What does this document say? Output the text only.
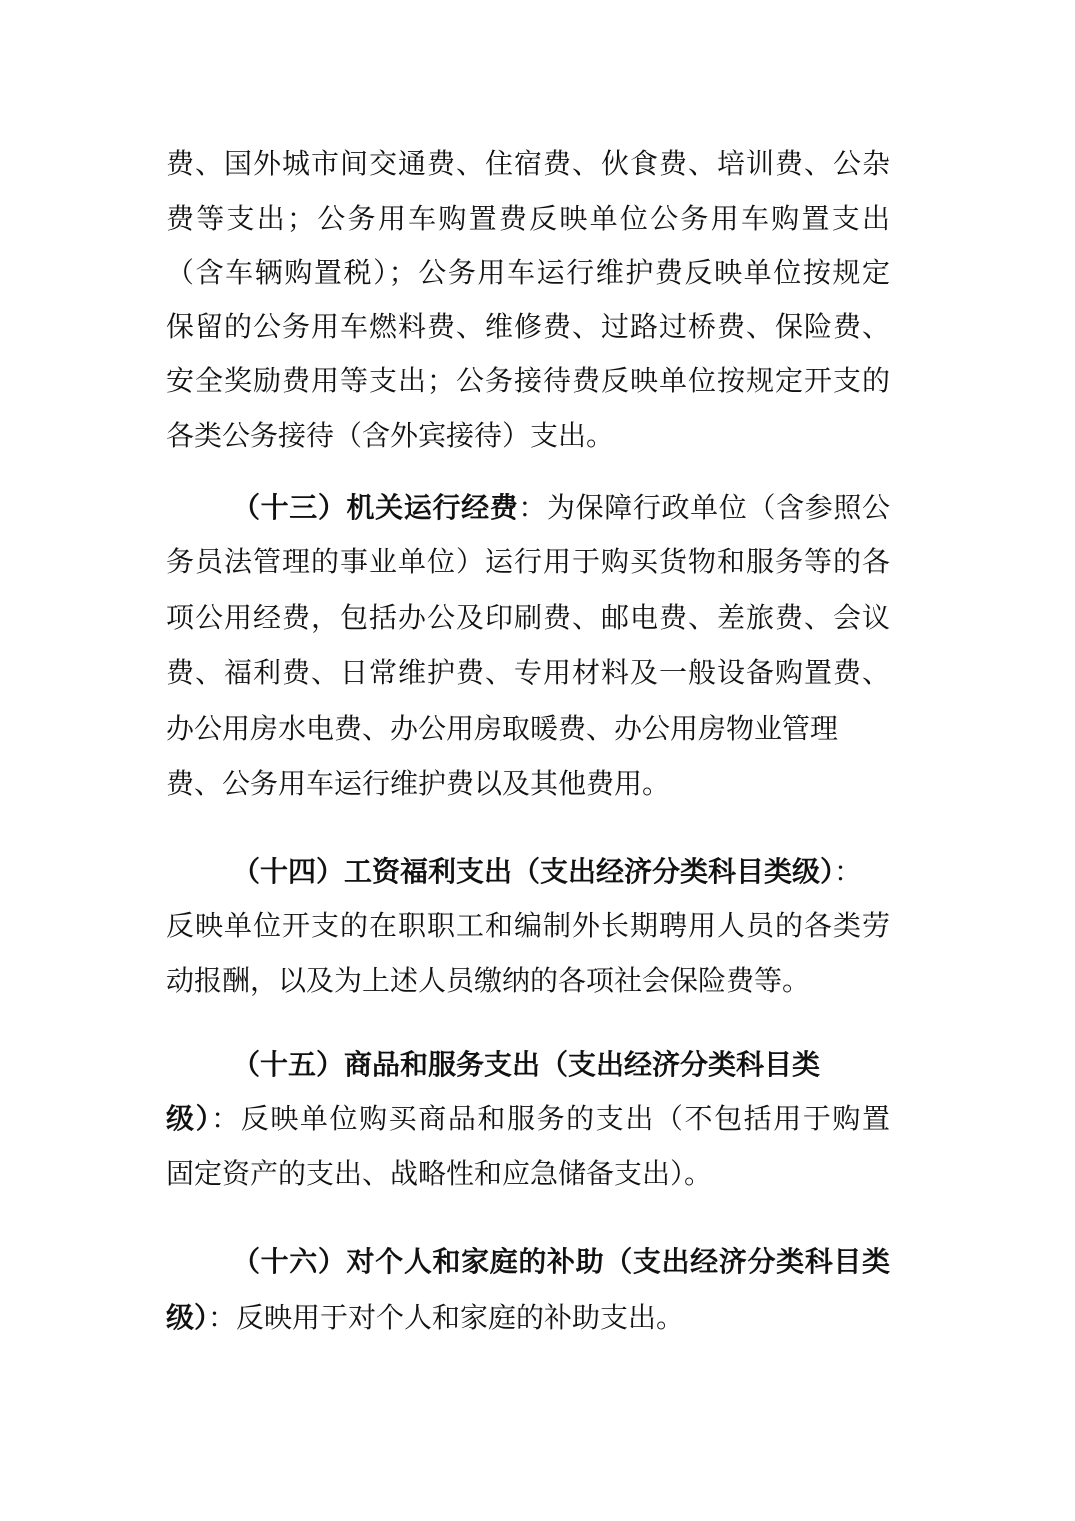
费、国外城市间交通费、住宿费、伙食费、培训费、公杂
费等支出；公务用车购置费反映单位公务用车购置支出
（含车辆购置税）；公务用车运行维护费反映单位按规定
保留的公务用车燃料费、维修费、过路过桥费、保险费、
安全奖励费用等支出；公务接待费反映单位按规定开支的
各类公务接待（含外宾接待）支出。
（十三）机关运行经费：为保障行政单位（含参照公
务员法管理的事业单位）运行用于购买货物和服务等的各
项公用经费，包括办公及印刷费、邮电费、差旅费、会议
费、福利费、日常维护费、专用材料及一般设备购置费、
办公用房水电费、办公用房取暖费、办公用房物业管理
费、公务用车运行维护费以及其他费用。
（十四）工资福利支出（支出经济分类科目类级）：
反映单位开支的在职职工和编制外长期聘用人员的各类劳
动报酬，以及为上述人员缴纳的各项社会保险费等。
（十五）商品和服务支出（支出经济分类科目类
级）：反映单位购买商品和服务的支出（不包括用于购置
固定资产的支出、战略性和应急储备支出）。
（十六）对个人和家庭的补助（支出经济分类科目类
级）：反映用于对个人和家庭的补助支出。
